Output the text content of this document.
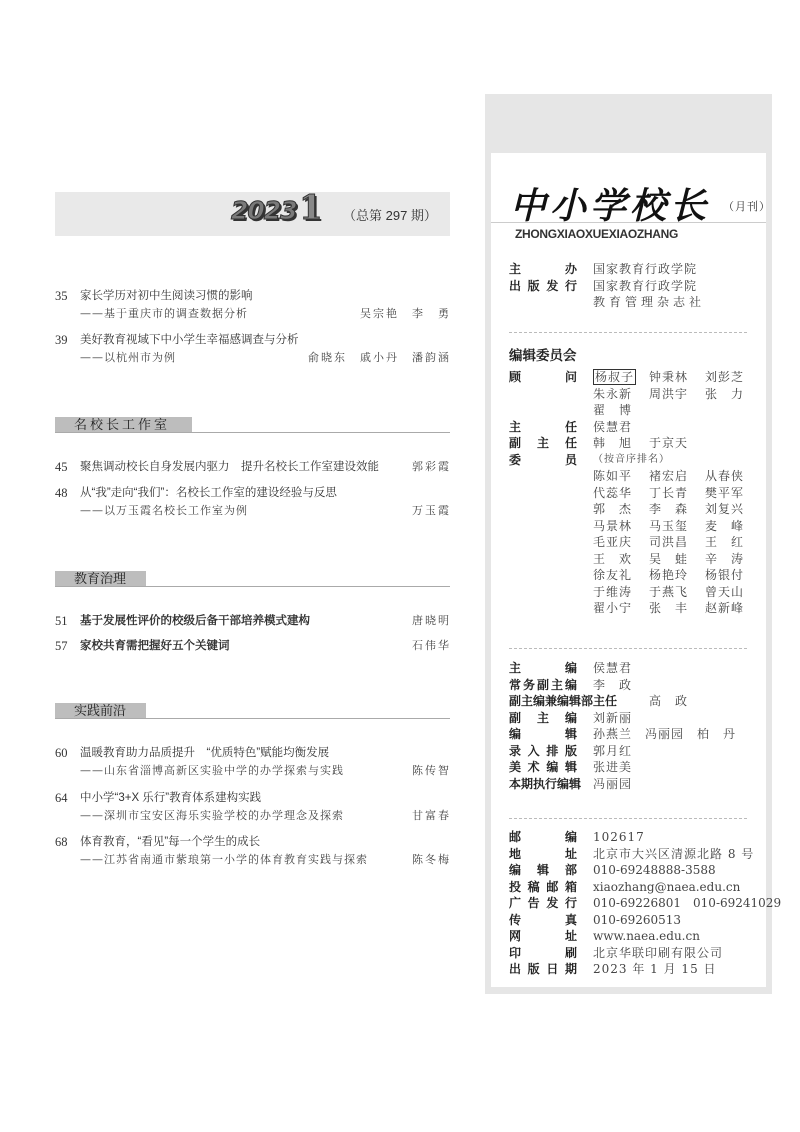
2023 1 （总第 297 期）
35	家长学历对初中生阅读习惯的影响
——基于重庆市的调查数据分析	吴宗艳　李　勇
39	美好教育视域下中小学生幸福感调查与分析
——以杭州市为例	俞晓东　戚小丹　潘韵涵
名校长工作室
45	聚焦调动校长自身发展内驱力　提升名校长工作室建设效能	郭彩霞
48	从“我”走向“我们”：名校长工作室的建设经验与反思
——以万玉霞名校长工作室为例	万玉霞
教育治理
51	基于发展性评价的校级后备干部培养模式建构	唐晓明
57	家校共育需把握好五个关键词	石伟华
实践前沿
60	温暖教育助力品质提升　“优质特色”赋能均衡发展
——山东省淄博高新区实验中学的办学探索与实践	陈传智
64	中小学“3+X 乐行”教育体系建构实践
——深圳市宝安区海乐实验学校的办学理念及探索	甘富春
68	体育教育，“看见”每一个学生的成长
——江苏省南通市紫琅第一小学的体育教育实践与探索	陈冬梅
中小学校长 （月刊）
ZHONGXIAOXUEXIAOZHANG
主　　办 国家教育行政学院
出版发行 国家教育行政学院
教育管理杂志社
编辑委员会
顾　　问 杨叔子 钟秉林 刘彭芝
朱永新 周洪宇 张　力
翟　博
主　　任 侯慧君
副　主　任 韩　旭 于京天
委　　员 （按音序排名）
陈如平 褚宏启 从春侠
代蕊华 丁长青 樊平军
郭　杰 李　森 刘复兴
马景林 马玉玺 麦　峰
毛亚庆 司洪昌 王　红
王　欢 吴　蛙 辛　涛
徐友礼 杨艳玲 杨银付
于维涛 于燕飞 曾天山
翟小宁 张　丰 赵新峰
主　　编 侯慧君
常务副主编 李　政
副主编兼编辑部主任	高　政
副　主　编 刘新丽
编　　辑 孙燕兰　冯丽园　柏　丹
录入排版 郭月红
美术编辑 张进美
本期执行编辑 冯丽园
邮　　编 102617
地　　址 北京市大兴区清源北路 8 号
编　辑　部 010-69248888-3588
投稿邮箱 xiaozhang@naea.edu.cn
广告发行 010-69226801　010-69241029
传　　真 010-69260513
网　　址 www.naea.edu.cn
印　　刷 北京华联印刷有限公司
出版日期 2023 年 1 月 15 日
